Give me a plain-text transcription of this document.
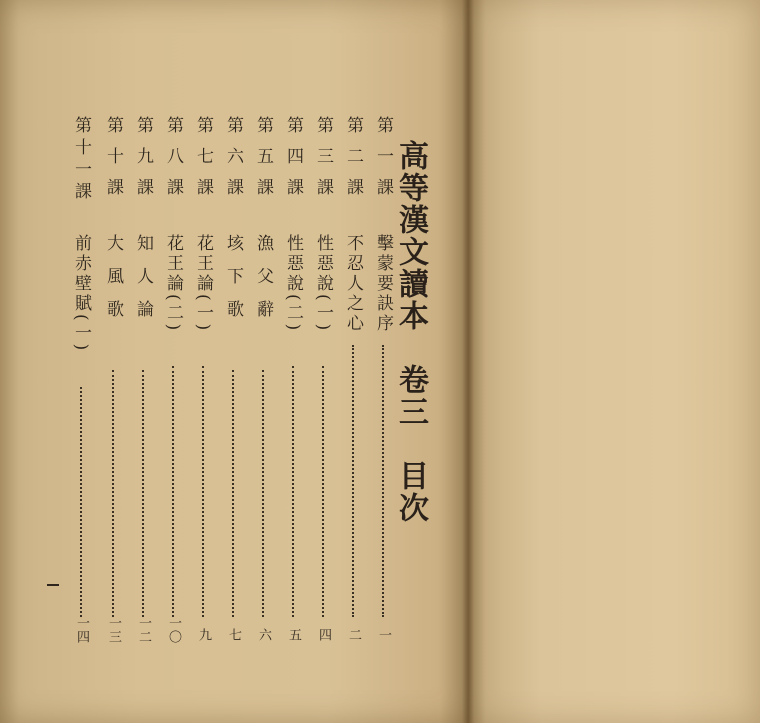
高等漢文讀本　卷三　目次
第一課
擊蒙要訣序
一
第二課
不忍人之心
二
第三課
性惡說(一)
四
第四課
性惡說(二)
五
第五課
漁父辭
六
第六課
垓下歌
七
第七課
花王論(一)
九
第八課
花王論(二)
一〇
第九課
知人論
一二
第十課
大風歌
一三
第十一課
前赤壁賦(一)
一四
